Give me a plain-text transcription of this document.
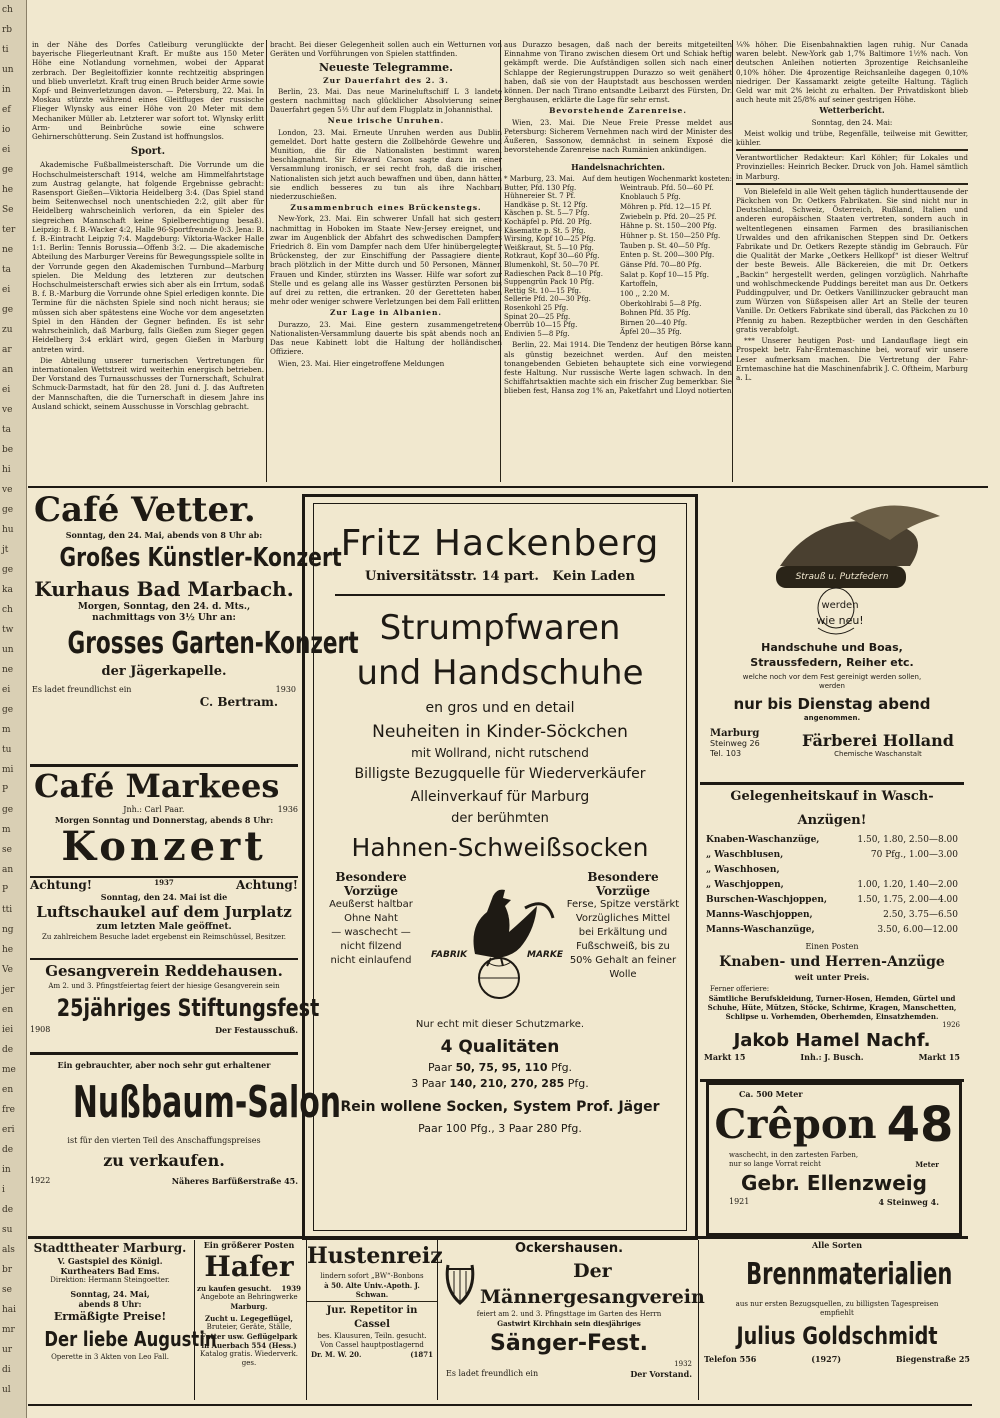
ch
rb
ti
un
in
ef
io
ei
ge
he
Se
ter
ne
ta
ei
ge
zu
ar
an
ei
ve
ta
be
hi
ve
ge
hu
jt
ge
ka
ch
tw
un
ne
ei
ge
m
tu
mi
P
ge
m
se
an
P
tti
ng
he
Ve
jer
en
iei
de
me
en
fre
eri
de
in
i
de
su
als
br
se
hai
mr
ur
di
ul

in der Nähe des Dorfes Catleiburg verunglückte der bayerische Fliegerleutnant Kraft. Er mußte aus 150 Meter Höhe eine Notlandung vornehmen, wobei der Apparat zerbrach. Der Begleitoffizier konnte rechtzeitig abspringen und blieb unverletzt. Kraft trug einen Bruch beider Arme sowie Kopf- und Beinverletzungen davon. — Petersburg, 22. Mai. In Moskau stürzte während eines Gleitfluges der russische Flieger Wlynsky aus einer Höhe von 20 Meter mit dem Mechaniker Müller ab. Letzterer war sofort tot. Wlynsky erlitt Arm- und Beinbrüche sowie eine schwere Gehirnerschütterung. Sein Zustand ist hoffnungslos.

Sport.

Akademische Fußballmeisterschaft. Die Vorrunde um die Hochschulmeisterschaft 1914, welche am Himmelfahrtstage zum Austrag gelangte, hat folgende Ergebnisse gebracht: Rasensport Gießen—Viktoria Heidelberg 3:4. (Das Spiel stand beim Seitenwechsel noch unentschieden 2:2, gilt aber für Heidelberg wahrscheinlich verloren, da ein Spieler des siegreichen Mannschaft keine Spielberechtigung besaß). Leipzig: B. f. B.-Wacker 4:2, Halle 96-Sportfreunde 0:3. Jena: B. f. B.-Eintracht Leipzig 7:4. Magdeburg: Viktoria-Wacker Halle 1:1. Berlin: Tennis Borussia—Offenb 3:2. — Die akademische Abteilung des Marburger Vereins für Bewegungsspiele sollte in der Vorrunde gegen den Akademischen Turnbund—Marburg spielen. Die Meldung des letzteren zur deutschen Hochschulmeisterschaft erwies sich aber als ein Irrtum, sodaß B. f. B.-Marburg die Vorrunde ohne Spiel erledigen konnte. Die Termine für die nächsten Spiele sind noch nicht heraus; sie müssen sich aber spätestens eine Woche vor dem angesetzten Spiel in den Händen der Gegner befinden. Es ist sehr wahrscheinlich, daß Marburg, falls Gießen zum Sieger gegen Heidelberg 3:4 erklärt wird, gegen Gießen in Marburg antreten wird.

Die Abteilung unserer turnerischen Vertretungen für internationalen Wettstreit wird weiterhin energisch betrieben. Der Vorstand des Turnausschusses der Turnerschaft, Schulrat Schmuck-Darmstadt, hat für den 28. Juni d. J. das Auftreten der Mannschaften, die die Turnerschaft in diesem Jahre ins Ausland schickt, seinem Ausschusse in Vorschlag gebracht.

bracht. Bei dieser Gelegenheit sollen auch ein Wetturnen von Geräten und Vorführungen von Spielen stattfinden.

Neueste Telegramme.
Zur Dauerfahrt des 2. 3.

Berlin, 23. Mai. Das neue Marineluftschiff L 3 landete gestern nachmittag nach glücklicher Absolvierung seiner Dauerfahrt gegen 5½ Uhr auf dem Flugplatz in Johannisthal.

Neue irische Unruhen.

London, 23. Mai. Erneute Unruhen werden aus Dublin gemeldet. Dort hatte gestern die Zollbehörde Gewehre und Munition, die für die Nationalisten bestimmt waren, beschlagnahmt. Sir Edward Carson sagte dazu in einer Versammlung ironisch, er sei recht froh, daß die irischen Nationalisten sich jetzt auch bewaffnen und üben, dann hätten sie endlich besseres zu tun als ihre Nachbarn niederzuschießen.

Zusammenbruch eines Brückenstegs.

New-York, 23. Mai. Ein schwerer Unfall hat sich gestern nachmittag in Hoboken im Staate New-Jersey ereignet, und zwar im Augenblick der Abfahrt des schwedischen Dampfers Friedrich 8. Ein vom Dampfer nach dem Ufer hinübergelegter Brückensteg, der zur Einschiffung der Passagiere diente, brach plötzlich in der Mitte durch und 50 Personen, Männer, Frauen und Kinder, stürzten ins Wasser. Hilfe war sofort zur Stelle und es gelang alle ins Wasser gestürzten Personen bis auf drei zu retten, die ertranken. 20 der Geretteten haben mehr oder weniger schwere Verletzungen bei dem Fall erlitten.

Zur Lage in Albanien.

Durazzo, 23. Mai. Eine gestern zusammengetretene Nationalisten-Versammlung dauerte bis spät abends noch an. Das neue Kabinett lobt die Haltung der holländischen Offiziere.

Wien, 23. Mai. Hier eingetroffene Meldungen

aus Durazzo besagen, daß nach der bereits mitgeteilten Einnahme von Tirano zwischen diesem Ort und Schiak heftig gekämpft werde. Die Aufständigen sollen sich nach einer Schlappe der Regierungstruppen Durazzo so weit genähert haben, daß sie von der Hauptstadt aus beschossen werden können. Der nach Tirano entsandte Leibarzt des Fürsten, Dr. Berghausen, erklärte die Lage für sehr ernst.

Bevorstehende Zarenreise.

Wien, 23. Mai. Die Neue Freie Presse meldet aus Petersburg: Sicherem Vernehmen nach wird der Minister des Äußeren, Sassonow, demnächst in seinem Exposé die bevorstehende Zarenreise nach Rumänien ankündigen.

Handelsnachrichten.
* Marburg, 23. Mai. Auf dem heutigen Wochenmarkt kosteten:
Butter, Pfd. 130 Pfg.
Hühnereier St. 7 Pf.
Handkäse p. St. 12 Pfg.
Käschen p. St. 5—7 Pfg.
Kochäpfel p. Pfd. 20 Pfg.
Käsematte p. St. 5 Pfg.
Wirsing, Kopf 10—25 Pfg.
Weißkraut, St. 5—10 Pfg.
Rotkraut, Kopf 30—60 Pfg.
Blumenkohl, St. 50—70 Pf.
Radieschen Pack 8—10 Pfg.
Suppengrün Pack 10 Pfg.
Rettig St. 10—15 Pfg.
Sellerie Pfd. 20—30 Pfg.
Rosenkohl 25 Pfg.
Spinat 20—25 Pfg.
Oberrüb 10—15 Pfg.
Endivien 5—8 Pfg.
Weintraub. Pfd. 50—60 Pf.
Knoblauch 5 Pfg.
Möhren p. Pfd. 12—15 Pf.
Zwiebeln p. Pfd. 20—25 Pf.
Hähne p. St. 150—200 Pfg.
Hühner p. St. 150—250 Pfg.
Tauben p. St. 40—50 Pfg.
Enten p. St. 200—300 Pfg.
Gänse Pfd. 70—80 Pfg.
Salat p. Kopf 10—15 Pfg.
Kartoffeln,
100 ,, 2.20 M.
Oberkohlrabi 5—8 Pfg.
Bohnen Pfd. 35 Pfg.
Birnen 20—40 Pfg.
Äpfel 20—35 Pfg.

Berlin, 22. Mai 1914. Die Tendenz der heutigen Börse kann als günstig bezeichnet werden. Auf den meisten tonangebenden Gebieten behauptete sich eine vorwiegend feste Haltung. Nur russische Werte lagen schwach. In den Schiffahrtsaktien machte sich ein frischer Zug bemerkbar. Sie blieben fest, Hansa zog 1% an, Paketfahrt und Lloyd notierten

¼% höher. Die Eisenbahnaktien lagen ruhig. Nur Canada waren belebt. New-York gab 1,7% Baltimore 1½% nach. Von deutschen Anleihen notierten 3prozentige Reichsanleihe 0,10% höher. Die 4prozentige Reichsanleihe dagegen 0,10% niedriger. Der Kassamarkt zeigte geteilte Haltung. Täglich Geld war mit 2% leicht zu erhalten. Der Privatdiskont blieb auch heute mit 25/8% auf seiner gestrigen Höhe.

Wetterbericht.
Sonntag, den 24. Mai:

Meist wolkig und trübe, Regenfälle, teilweise mit Gewitter, kühler.

Verantwortlicher Redakteur: Karl Köhler; für Lokales und Provinzielles: Heinrich Becker. Druck von Joh. Hamel sämtlich in Marburg.

Von Bielefeld in alle Welt gehen täglich hunderttausende der Päckchen von Dr. Oetkers Fabrikaten. Sie sind nicht nur in Deutschland, Schweiz, Österreich, Rußland, Italien und anderen europäischen Staaten vertreten, sondern auch in weltentlegenen einsamen Farmen des brasilianischen Urwaldes und den afrikanischen Steppen sind Dr. Oetkers Fabrikate und Dr. Oetkers Rezepte ständig im Gebrauch. Für die Qualität der Marke „Oetkers Hellkopf“ ist dieser Weltruf der beste Beweis. Alle Bäckereien, die mit Dr. Oetkers „Backin“ hergestellt werden, gelingen vorzüglich. Nahrhafte und wohlschmeckende Puddings bereitet man aus Dr. Oetkers Puddingpulver, und Dr. Oetkers Vanillinzucker gebraucht man zum Würzen von Süßspeisen aller Art an Stelle der teuren Vanille. Dr. Oetkers Fabrikate sind überall, das Päckchen zu 10 Pfennig zu haben. Rezeptbücher werden in den Geschäften gratis verabfolgt.

*** Unserer heutigen Post- und Landauflage liegt ein Prospekt betr. Fahr-Erntemaschine bei, worauf wir unsere Leser aufmerksam machen. Die Vertretung der Fahr-Erntemaschine hat die Maschinenfabrik J. C. Oftheim, Marburg a. L.

Café Vetter.
Sonntag, den 24. Mai, abends von 8 Uhr ab:
Großes Künstler-Konzert
Kurhaus Bad Marbach.
Morgen, Sonntag, den 24. d. Mts.,
nachmittags von 3½ Uhr an:
Grosses Garten-Konzert
der Jägerkapelle.
Es ladet freundlichst ein	1930
C. Bertram.
Café Markees
Jnh.: Carl Paar.	1936
Morgen Sonntag und Donnerstag, abends 8 Uhr:
Konzert
Achtung!	1937	Achtung!
Sonntag, den 24. Mai ist die
Luftschaukel auf dem Jurplatz
zum letzten Male geöffnet.
Zu zahlreichem Besuche ladet ergebenst ein Reimschüssel, Besitzer.
Gesangverein Reddehausen.
Am 2. und 3. Pfingstfeiertag feiert der hiesige Gesangverein sein
25jähriges Stiftungsfest
1908	Der Festausschuß.
Ein gebrauchter, aber noch sehr gut erhaltener
Nußbaum-Salon
ist für den vierten Teil des Anschaffungspreises
zu verkaufen.
1922	Näheres Barfüßerstraße 45.
Fritz Hackenberg
Universitätsstr. 14 part. Kein Laden
Strumpfwaren
und Handschuhe
en gros und en detail
Neuheiten in Kinder-Söckchen
mit Wollrand, nicht rutschend
Billigste Bezugquelle für Wiederverkäufer
Alleinverkauf für Marburg
der berühmten
Hahnen-Schweißsocken
Besondere Vorzüge
Aeußerst haltbar
Ohne Naht
— waschecht —
nicht filzend
nicht einlaufend	FABRIK	MARKE
Besondere Vorzüge
Ferse, Spitze verstärkt
Vorzügliches Mittel
bei Erkältung und
Fußschweiß, bis zu
50% Gehalt an feiner
Wolle
Nur echt mit dieser Schutzmarke.
4 Qualitäten
Paar 50, 75, 95, 110 Pfg.
3 Paar 140, 210, 270, 285 Pfg.
Rein wollene Socken, System Prof. Jäger
Paar 100 Pfg., 3 Paar 280 Pfg.
Strauß u. Putzfedern
werden
wie neu!
Handschuhe und Boas,
Straussfedern, Reiher etc.
welche noch vor dem Fest gereinigt werden sollen, werden
nur bis Dienstag abend
angenommen.
Marburg
Steinweg 26
Tel. 103
Färberei Holland
Chemische Waschanstalt
Gelegenheitskauf in Wasch-Anzügen!
Knaben-Waschanzüge,	1.50, 1.80, 2.50—8.00
„ Waschblusen,	70 Pfg., 1.00—3.00
„ Waschhosen,	
„ Waschjoppen,	1.00, 1.20, 1.40—2.00
Burschen-Waschjoppen,	1.50, 1.75, 2.00—4.00
Manns-Waschjoppen,	2.50, 3.75—6.50
Manns-Waschanzüge,	3.50, 6.00—12.00
Einen Posten
Knaben- und Herren-Anzüge
weit unter Preis.
Ferner offeriere:
Sämtliche Berufskleidung, Turner-Hosen, Hemden, Gürtel und Schuhe, Hüte, Mützen, Stöcke, Schirme, Kragen, Manschetten, Schlipse u. Vorhemden, Oberhemden, Einsatzhemden.
1926
Jakob Hamel Nachf.
Markt 15	Inh.: J. Busch.	Markt 15
Ca. 500 Meter
Crêpon 48
waschecht, in den zartesten Farben,
nur so lange Vorrat reicht	Meter
Gebr. Ellenzweig
1921	4 Steinweg 4.
Stadttheater Marburg.
V. Gastspiel des Königl.
Kurtheaters Bad Ems.
Direktion: Hermann Steingoetter.
Sonntag, 24. Mai,
abends 8 Uhr:
Ermäßigte Preise!
Der liebe Augustin
Operette in 3 Akten von Leo Fall.
Ein größerer Posten
Hafer
zu kaufen gesucht. 1939
Angebote an Behringwerke
Marburg.
Zucht u. Legegeflügel,
Bruteier, Geräte, Ställe,
Futter usw. Geflügelpark
in Auerbach 554 (Hess.)
Katalog gratis. Wiederverk. ges.
Hustenreiz
lindern sofort „BW“-Bonbons
à 50. Alte Univ.-Apoth. J. Schwan.
Jur. Repetitor in Cassel
bes. Klausuren, Teiln. gesucht.
Von Cassel hauptpostlagernd
Dr. M. W. 20.	(1871
Ockershausen.
Der Männergesangverein
feiert am 2. und 3. Pfingsttage im Garten des Herrn
Gastwirt Kirchhain sein diesjähriges
Sänger-Fest.
1932
Es ladet freundlich ein	Der Vorstand.
Alle Sorten
Brennmaterialien
aus nur ersten Bezugsquellen, zu billigsten Tagespreisen
empfiehlt
Julius Goldschmidt
Telefon 556	(1927)	Biegenstraße 25
